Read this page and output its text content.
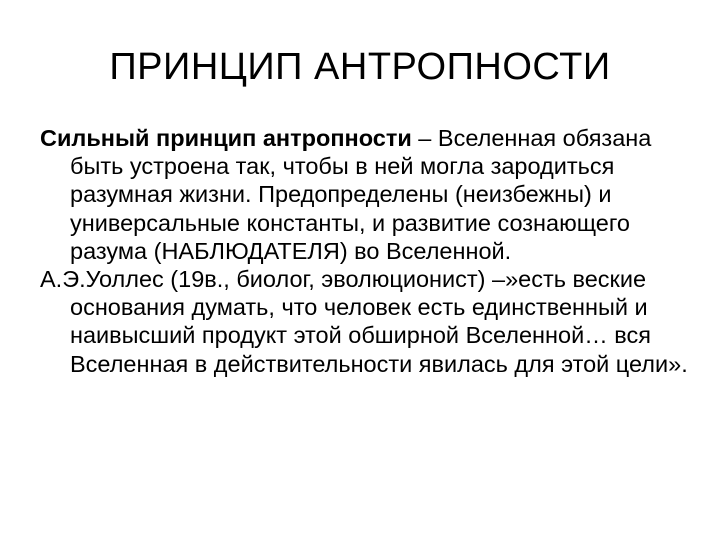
ПРИНЦИП АНТРОПНОСТИ

Сильный принцип антропности – Вселенная обязана быть устроена так, чтобы в ней могла зародиться разумная жизни. Предопределены (неизбежны) и универсальные константы, и развитие сознающего разума (НАБЛЮДАТЕЛЯ) во Вселенной.

А.Э.Уоллес (19в., биолог, эволюционист) –»есть веские основания думать, что человек есть единственный и наивысший продукт этой обширной Вселенной… вся Вселенная в действительности явилась для этой цели».
